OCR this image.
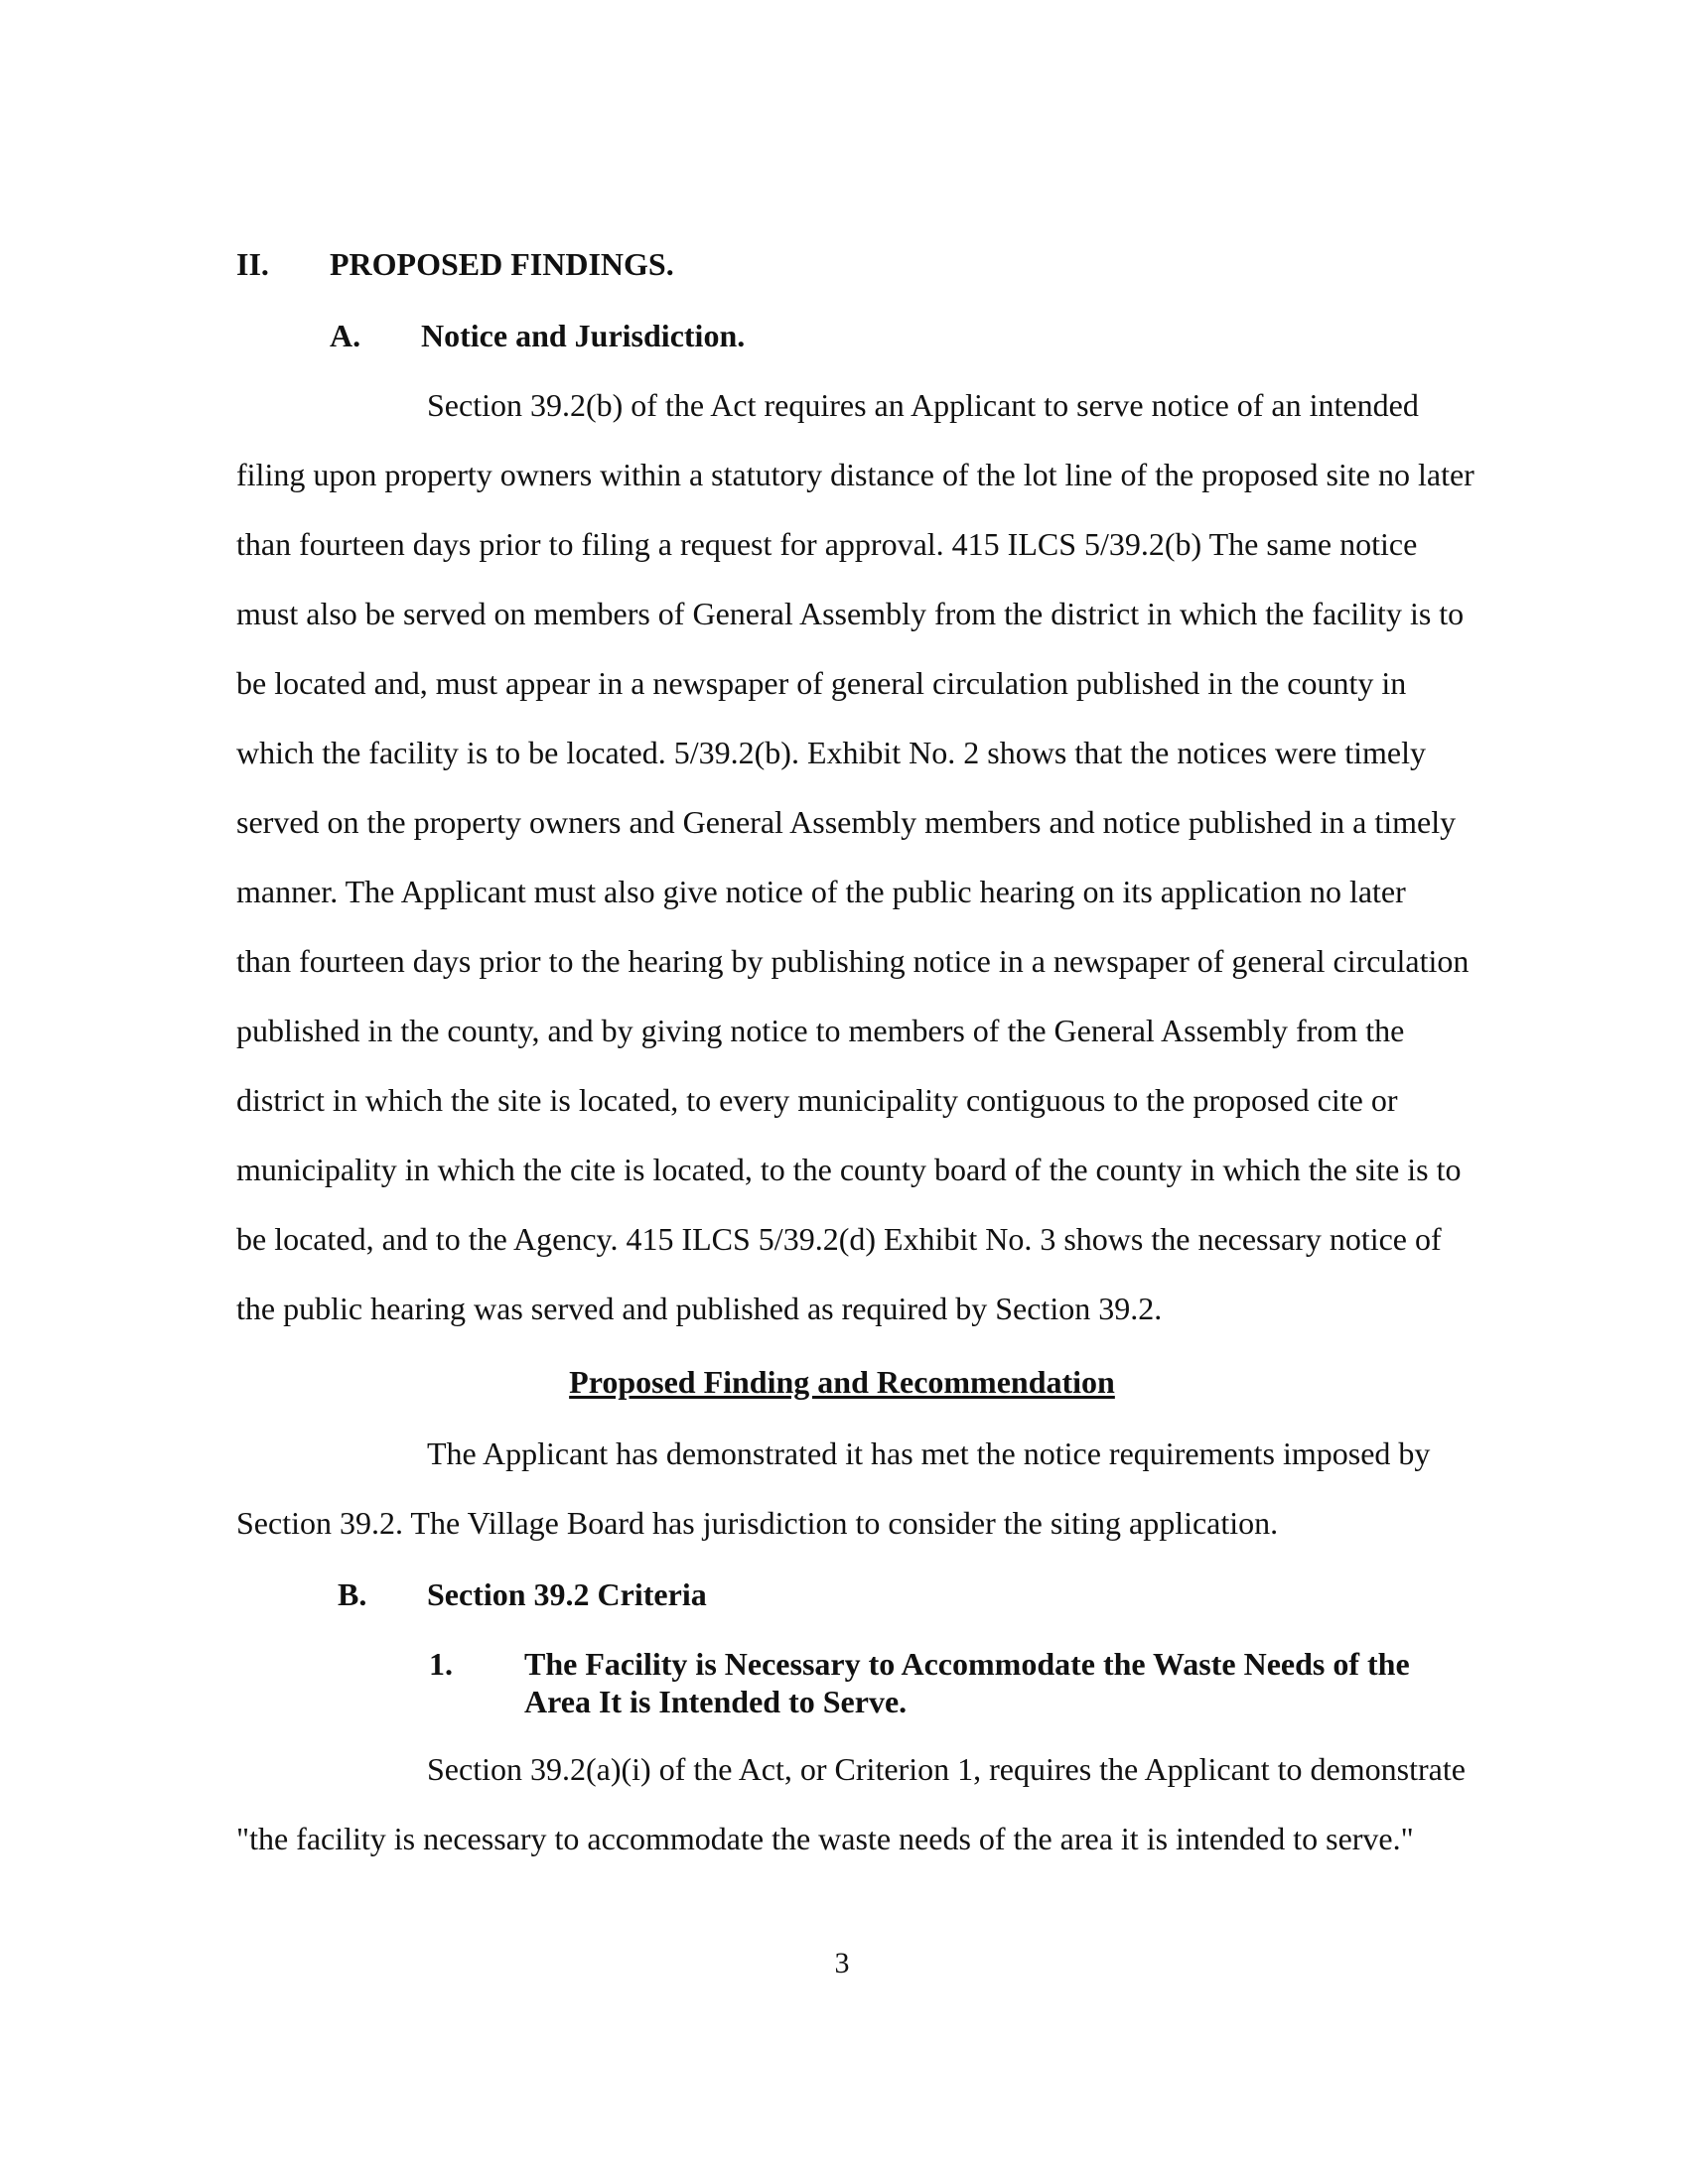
II. PROPOSED FINDINGS.
A. Notice and Jurisdiction.
Section 39.2(b) of the Act requires an Applicant to serve notice of an intended
filing upon property owners within a statutory distance of the lot line of the proposed site no later
than fourteen days prior to filing a request for approval. 415 ILCS 5/39.2(b) The same notice
must also be served on members of General Assembly from the district in which the facility is to
be located and, must appear in a newspaper of general circulation published in the county in
which the facility is to be located. 5/39.2(b). Exhibit No. 2 shows that the notices were timely
served on the property owners and General Assembly members and notice published in a timely
manner. The Applicant must also give notice of the public hearing on its application no later
than fourteen days prior to the hearing by publishing notice in a newspaper of general circulation
published in the county, and by giving notice to members of the General Assembly from the
district in which the site is located, to every municipality contiguous to the proposed cite or
municipality in which the cite is located, to the county board of the county in which the site is to
be located, and to the Agency. 415 ILCS 5/39.2(d) Exhibit No. 3 shows the necessary notice of
the public hearing was served and published as required by Section 39.2.
Proposed Finding and Recommendation
The Applicant has demonstrated it has met the notice requirements imposed by
Section 39.2. The Village Board has jurisdiction to consider the siting application.
B. Section 39.2 Criteria
1. The Facility is Necessary to Accommodate the Waste Needs of the
Area It is Intended to Serve.
Section 39.2(a)(i) of the Act, or Criterion 1, requires the Applicant to demonstrate
"the facility is necessary to accommodate the waste needs of the area it is intended to serve."
3
